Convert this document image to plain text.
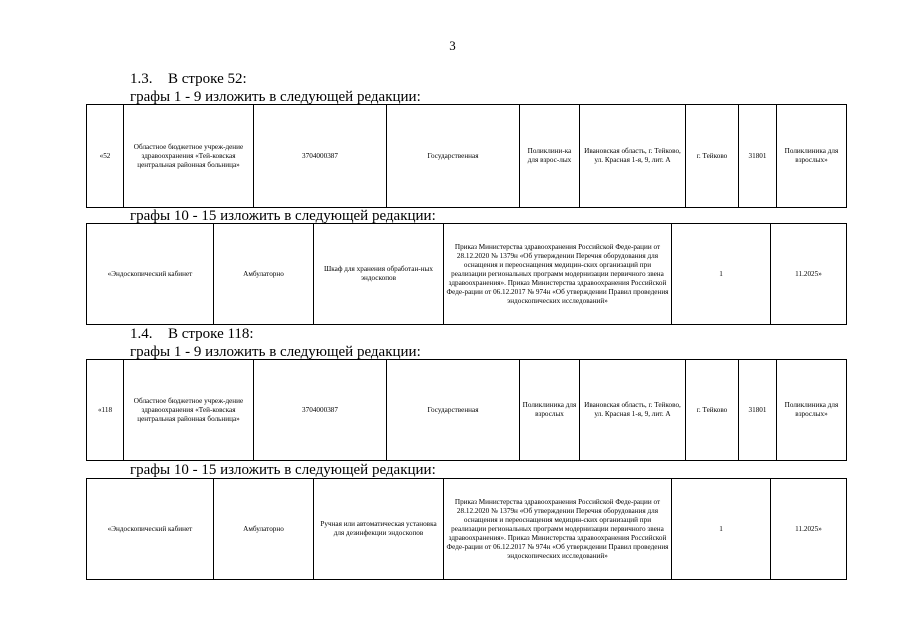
3
1.3. В строке 52:
графы 1 - 9 изложить в следующей редакции:
«52	Областное бюджетное учреж-дение здравоохранения «Тей-ковская центральная районная больница»	3704000387	Государственная	Поликлини-ка для взрос-лых	Ивановская область, г. Тейково, ул. Красная 1-я, 9, лит. А	г. Тейково	31801	Поликлиника для взрослых»
графы 10 - 15 изложить в следующей редакции:
«Эндоскопический кабинет	Амбулаторно	Шкаф для хранения обработан-ных эндоскопов	Приказ Министерства здравоохранения Российской Феде-рации от 28.12.2020 № 1379н «Об утверждении Перечня оборудования для оснащения и переоснащения медицин-ских организаций при реализации региональных программ модернизации первичного звена здравоохранения». Приказ Министерства здравоохранения Российской Феде-рации от 06.12.2017 № 974н «Об утверждении Правил проведения эндоскопических исследований»	1	11.2025»
1.4. В строке 118:
графы 1 - 9 изложить в следующей редакции:
«118	Областное бюджетное учреж-дение здравоохранения «Тей-ковская центральная районная больница»	3704000387	Государственная	Поликлиника для взрослых	Ивановская область, г. Тейково, ул. Красная 1-я, 9, лит. А	г. Тейково	31801	Поликлиника для взрослых»
графы 10 - 15 изложить в следующей редакции:
«Эндоскопический кабинет	Амбулаторно	Ручная или автоматическая установка для дезинфекции эндоскопов	Приказ Министерства здравоохранения Российской Феде-рации от 28.12.2020 № 1379н «Об утверждении Перечня оборудования для оснащения и переоснащения медицин-ских организаций при реализации региональных программ модернизации первичного звена здравоохранения». Приказ Министерства здравоохранения Российской Феде-рации от 06.12.2017 № 974н «Об утверждении Правил проведения эндоскопических исследований»	1	11.2025»
